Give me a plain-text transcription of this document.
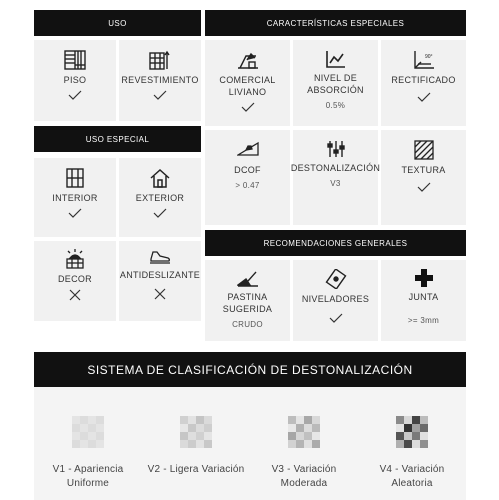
USO
PISO	REVESTIMIENTO
USO ESPECIAL
INTERIOR	EXTERIOR
DECOR	ANTIDESLIZANTE
CARACTERÍSTICAS ESPECIALES
COMERCIAL
LIVIANO
NIVEL DE
ABSORCIÓN
0.5%
90°
RECTIFICADO
DCOF
> 0.47
DESTONALIZACIÓN
V3
TEXTURA
RECOMENDACIONES GENERALES
PASTINA
SUGERIDA
CRUDO
NIVELADORES	JUNTA
>= 3mm
SISTEMA DE CLASIFICACIÓN DE DESTONALIZACIÓN
V1 - Apariencia
Uniforme
V2 - Ligera Variación	V3 - Variación
Moderada
V4 - Variación
Aleatoria
